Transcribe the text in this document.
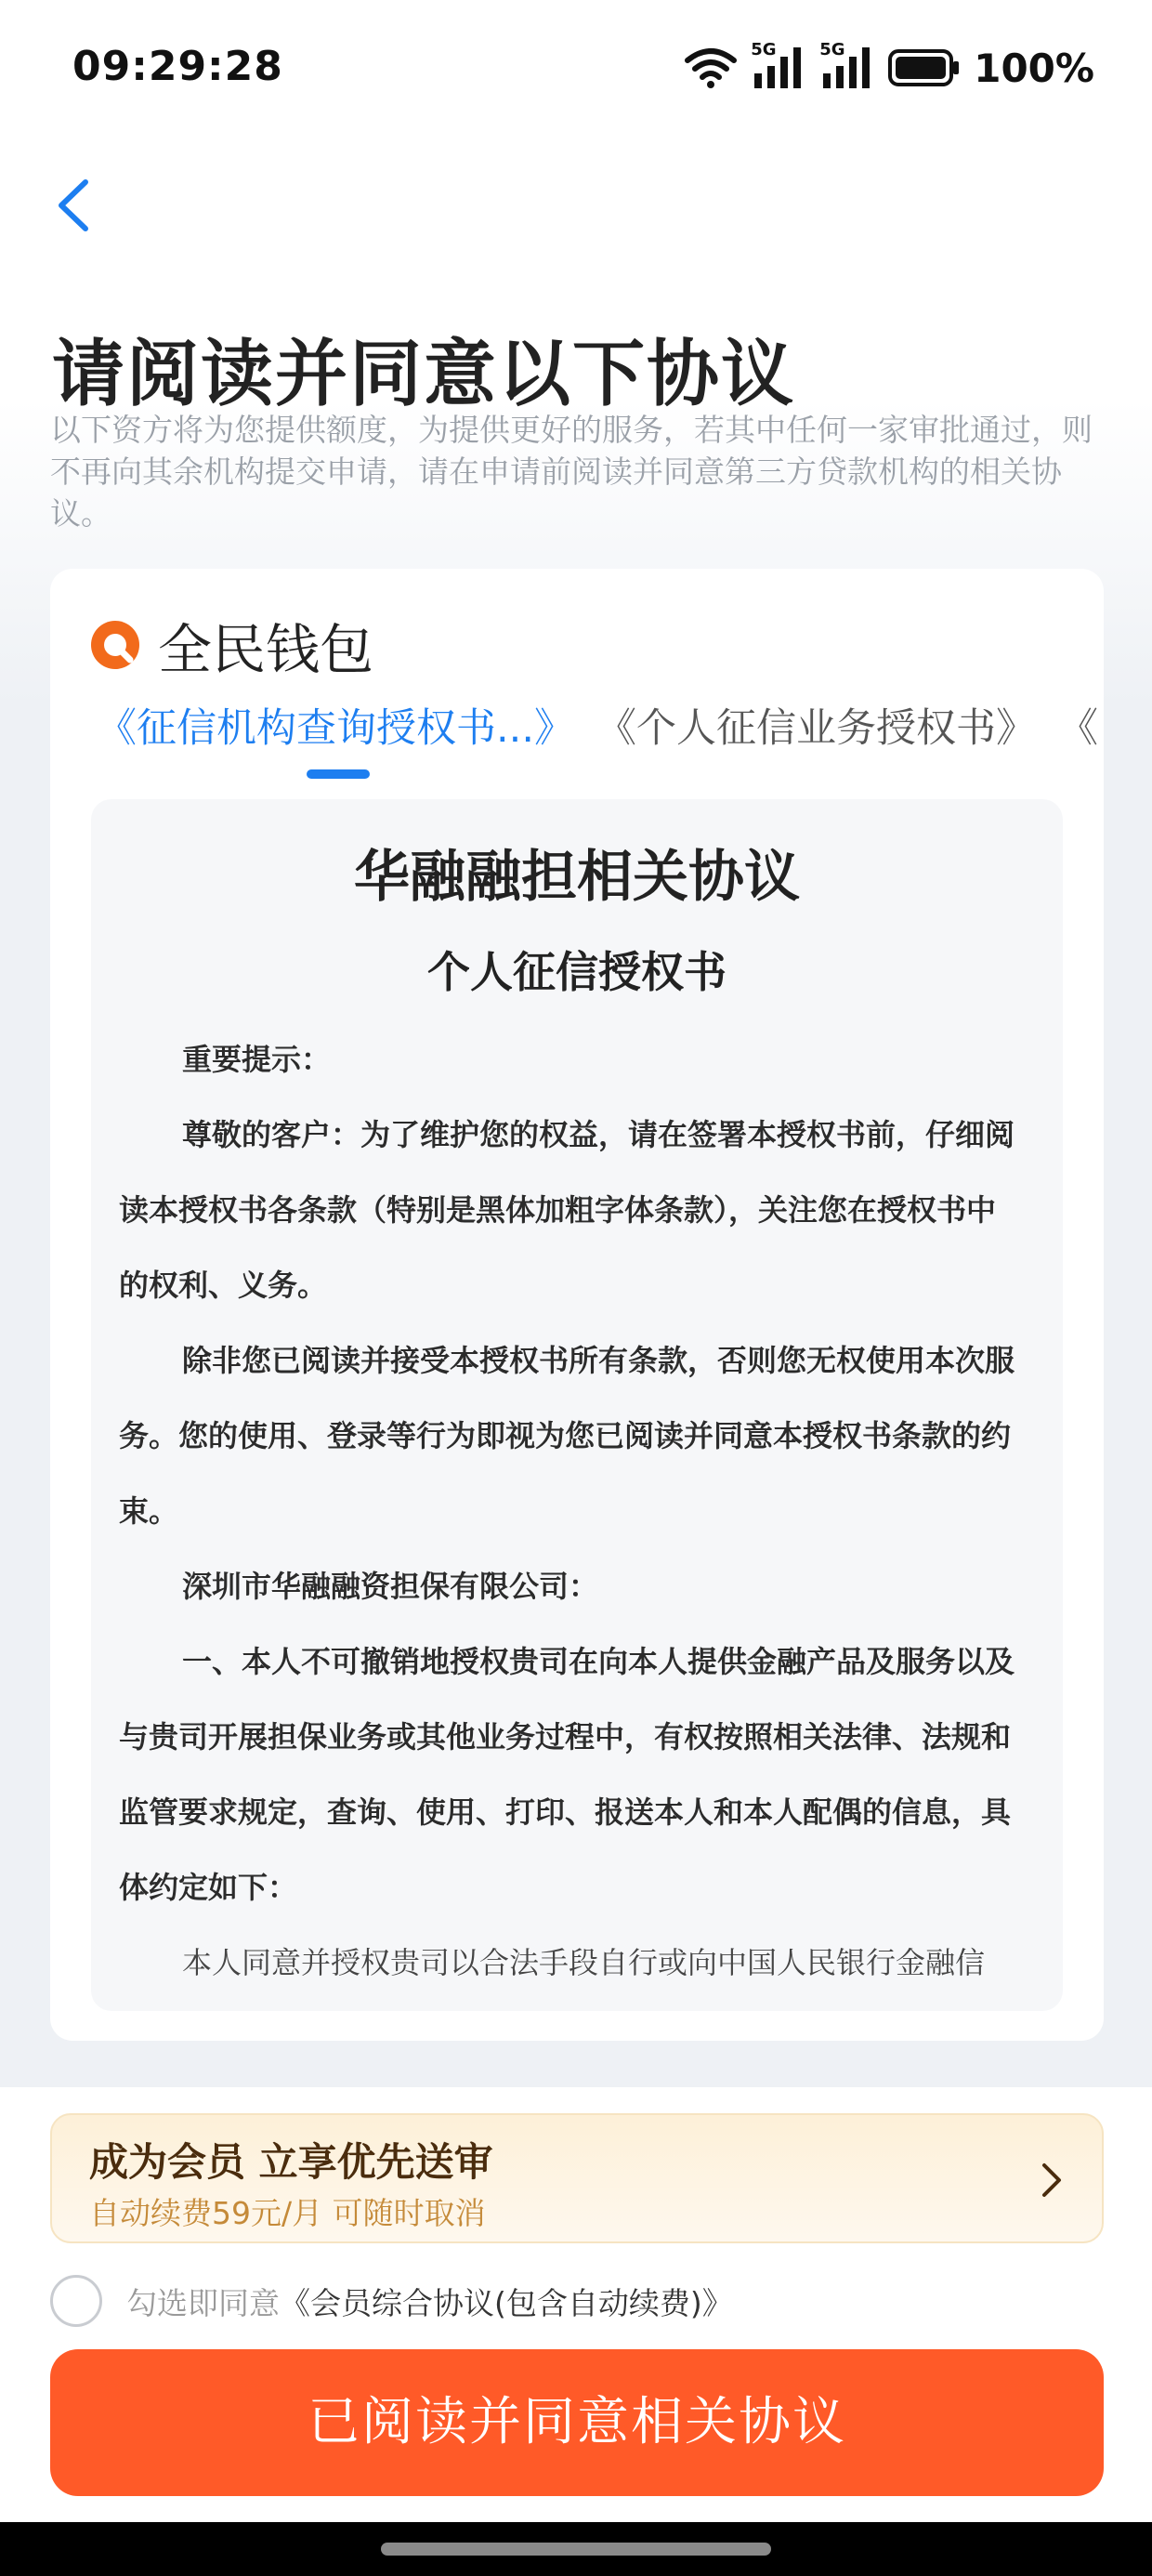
09:29:28	5G	5G	100%
请阅读并同意以下协议
以下资方将为您提供额度，为提供更好的服务，若其中任何一家审批通过，则不再向其余机构提交申请，请在申请前阅读并同意第三方贷款机构的相关协议。
全民钱包
《征信机构查询授权书...》 《个人征信业务授权书》 《
华融融担相关协议
个人征信授权书

重要提示：

尊敬的客户：为了维护您的权益，请在签署本授权书前，仔细阅读本授权书各条款（特别是黑体加粗字体条款），关注您在授权书中的权利、义务。

除非您已阅读并接受本授权书所有条款，否则您无权使用本次服务。您的使用、登录等行为即视为您已阅读并同意本授权书条款的约束。

深圳市华融融资担保有限公司：

一、本人不可撤销地授权贵司在向本人提供金融产品及服务以及与贵司开展担保业务或其他业务过程中，有权按照相关法律、法规和监管要求规定，查询、使用、打印、报送本人和本人配偶的信息，具体约定如下：

本人同意并授权贵司以合法手段自行或向中国人民银行金融信

成为会员 立享优先送审
自动续费59元/月 可随时取消
勾选即同意 《会员综合协议(包含自动续费)》
已阅读并同意相关协议
